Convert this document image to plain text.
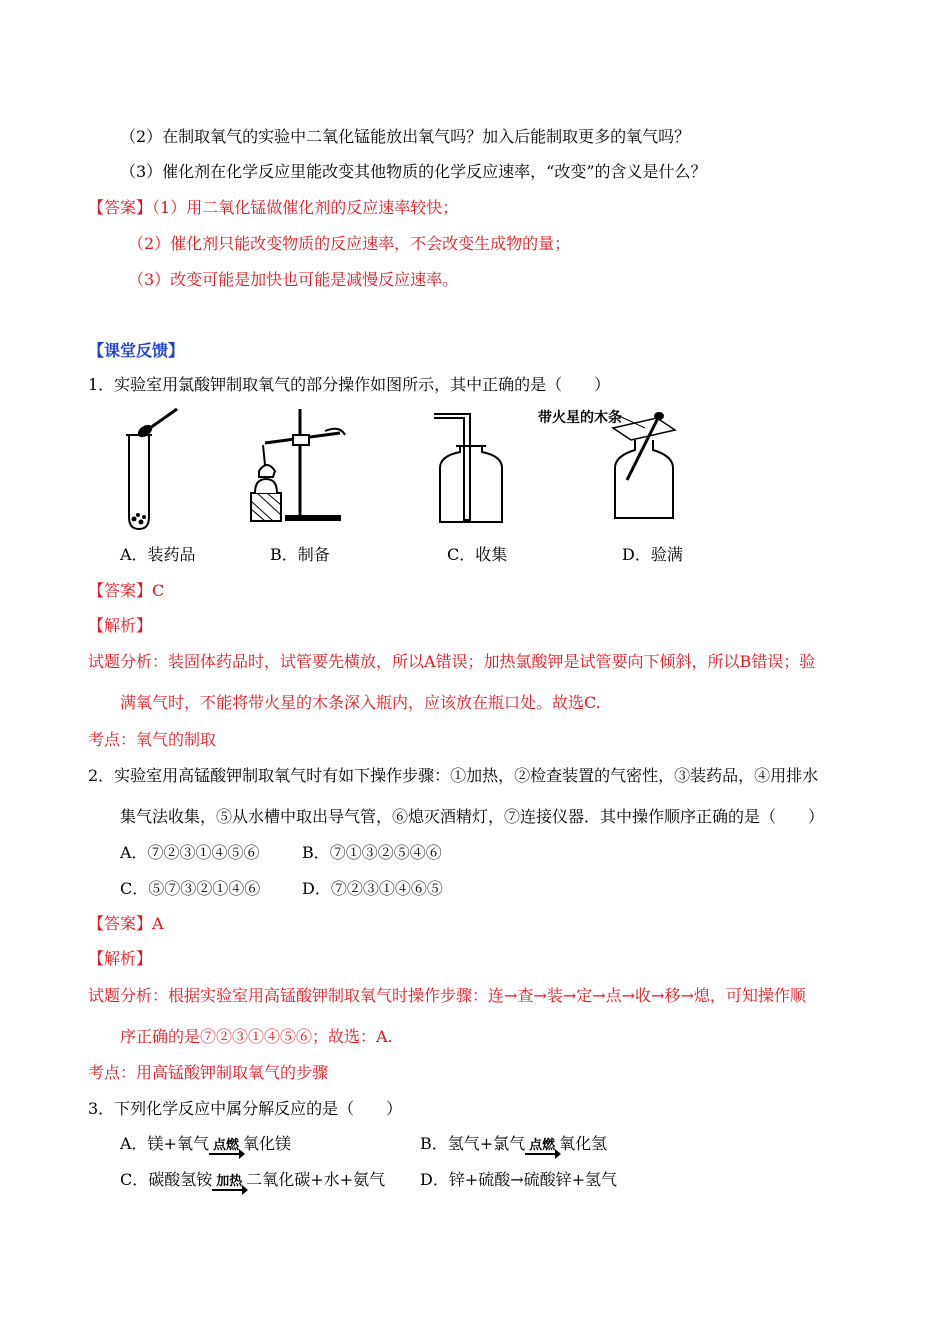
（2）在制取氧气的实验中二氧化锰能放出氧气吗？加入后能制取更多的氧气吗？
（3）催化剂在化学反应里能改变其他物质的化学反应速率，“改变”的含义是什么？
【答案】（1）用二氧化锰做催化剂的反应速率较快；
（2）催化剂只能改变物质的反应速率，不会改变生成物的量；
（3）改变可能是加快也可能是减慢反应速率。
【课堂反馈】
1．实验室用氯酸钾制取氧气的部分操作如图所示，其中正确的是（　　）
带火星的木条
A．装药品	B．制备	C．收集	D．验满
【答案】C
【解析】
试题分析：装固体药品时，试管要先横放，所以A错误；加热氯酸钾是试管要向下倾斜，所以B错误；验
满氧气时，不能将带火星的木条深入瓶内，应该放在瓶口处。故选C.
考点：氧气的制取
2．实验室用高锰酸钾制取氧气时有如下操作步骤：①加热，②检查装置的气密性，③装药品，④用排水
集气法收集，⑤从水槽中取出导气管，⑥熄灭酒精灯，⑦连接仪器．其中操作顺序正确的是（　　）
A．⑦②③①④⑤⑥	B．⑦①③②⑤④⑥
C．⑤⑦③②①④⑥	D．⑦②③①④⑥⑤
【答案】A
【解析】
试题分析：根据实验室用高锰酸钾制取氧气时操作步骤：连→查→装→定→点→收→移→熄，可知操作顺
序正确的是⑦②③①④⑤⑥；故选：A.
考点：用高锰酸钾制取氧气的步骤
3．下列化学反应中属分解反应的是（　　）
A．镁+氧气 点燃 氧化镁	B．氢气+氯气 点燃 氧化氢
C．碳酸氢铵 加热 二氧化碳+水+氨气 D．锌+硫酸→硫酸锌+氢气
